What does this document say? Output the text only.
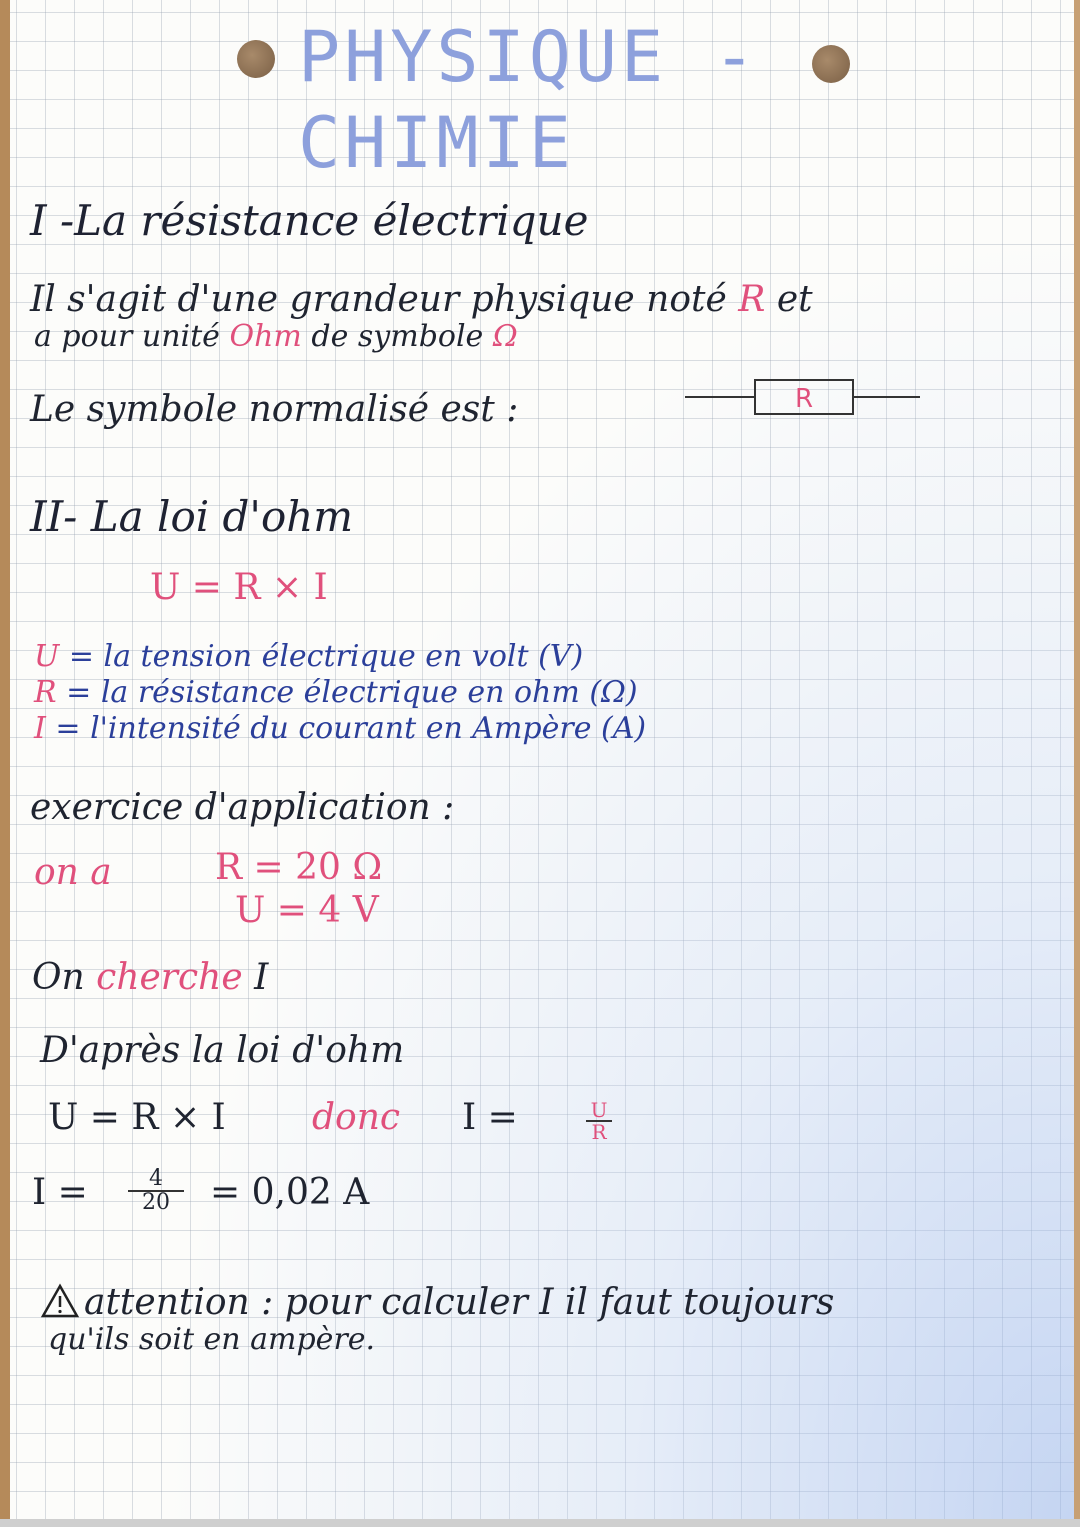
PHYSIQUE -
CHIMIE
I -La résistance électrique
Il s'agit d'une grandeur physique noté R et
a pour unité Ohm de symbole Ω
Le symbole normalisé est :	R
II- La loi d'ohm
U = R × I
U = la tension électrique en volt (V)
R = la résistance électrique en ohm (Ω)
I = l'intensité du courant en Ampère (A)
exercice d'application :
on a	R = 20 Ω
U = 4 V
On cherche I
D'après la loi d'ohm
U = R × I donc I =	$\frac{U}{R}$
$I = \frac{4}{20} = 0,02$ A
attention : pour calculer I il faut toujours
qu'ils soit en ampère.
